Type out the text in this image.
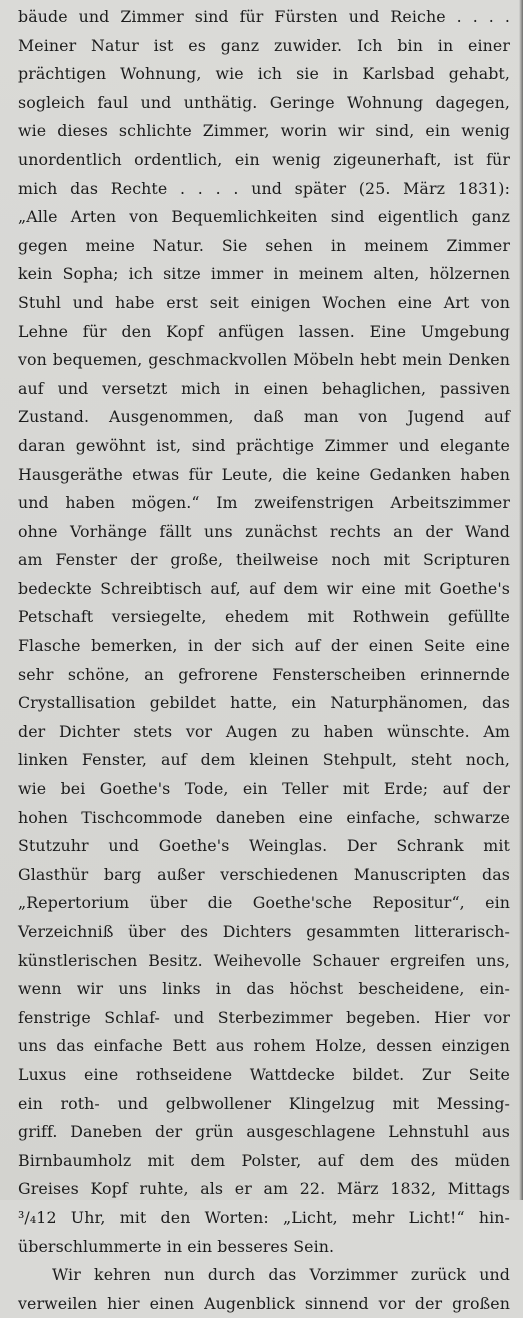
bäude und Zimmer sind für Fürsten und Reiche . . . .
Meiner Natur ist es ganz zuwider. Ich bin in einer
prächtigen Wohnung, wie ich sie in Karlsbad gehabt,
sogleich faul und unthätig. Geringe Wohnung dagegen,
wie dieses schlichte Zimmer, worin wir sind, ein wenig
unordentlich ordentlich, ein wenig zigeunerhaft, ist für
mich das Rechte . . . . und später (25. März 1831):
„Alle Arten von Bequemlichkeiten sind eigentlich ganz
gegen meine Natur. Sie sehen in meinem Zimmer
kein Sopha; ich sitze immer in meinem alten, hölzernen
Stuhl und habe erst seit einigen Wochen eine Art von
Lehne für den Kopf anfügen lassen. Eine Umgebung
von bequemen, geschmackvollen Möbeln hebt mein Denken
auf und versetzt mich in einen behaglichen, passiven
Zustand. Ausgenommen, daß man von Jugend auf
daran gewöhnt ist, sind prächtige Zimmer und elegante
Hausgeräthe etwas für Leute, die keine Gedanken haben
und haben mögen.“ Im zweifenstrigen Arbeitszimmer
ohne Vorhänge fällt uns zunächst rechts an der Wand
am Fenster der große, theilweise noch mit Scripturen
bedeckte Schreibtisch auf, auf dem wir eine mit Goethe's
Petschaft versiegelte, ehedem mit Rothwein gefüllte
Flasche bemerken, in der sich auf der einen Seite eine
sehr schöne, an gefrorene Fensterscheiben erinnernde
Crystallisation gebildet hatte, ein Naturphänomen, das
der Dichter stets vor Augen zu haben wünschte. Am
linken Fenster, auf dem kleinen Stehpult, steht noch,
wie bei Goethe's Tode, ein Teller mit Erde; auf der
hohen Tischcommode daneben eine einfache, schwarze
Stutzuhr und Goethe's Weinglas. Der Schrank mit
Glasthür barg außer verschiedenen Manuscripten das
„Repertorium über die Goethe'sche Repositur“, ein
Verzeichniß über des Dichters gesammten litterarisch-
künstlerischen Besitz. Weihevolle Schauer ergreifen uns,
wenn wir uns links in das höchst bescheidene, ein-
fenstrige Schlaf- und Sterbezimmer begeben. Hier vor
uns das einfache Bett aus rohem Holze, dessen einzigen
Luxus eine rothseidene Wattdecke bildet. Zur Seite
ein roth- und gelbwollener Klingelzug mit Messing-
griff. Daneben der grün ausgeschlagene Lehnstuhl aus
Birnbaumholz mit dem Polster, auf dem des müden
Greises Kopf ruhte, als er am 22. März 1832, Mittags
³/₄12 Uhr, mit den Worten: „Licht, mehr Licht!“ hin-
überschlummerte in ein besseres Sein.
Wir kehren nun durch das Vorzimmer zurück und
verweilen hier einen Augenblick sinnend vor der großen
